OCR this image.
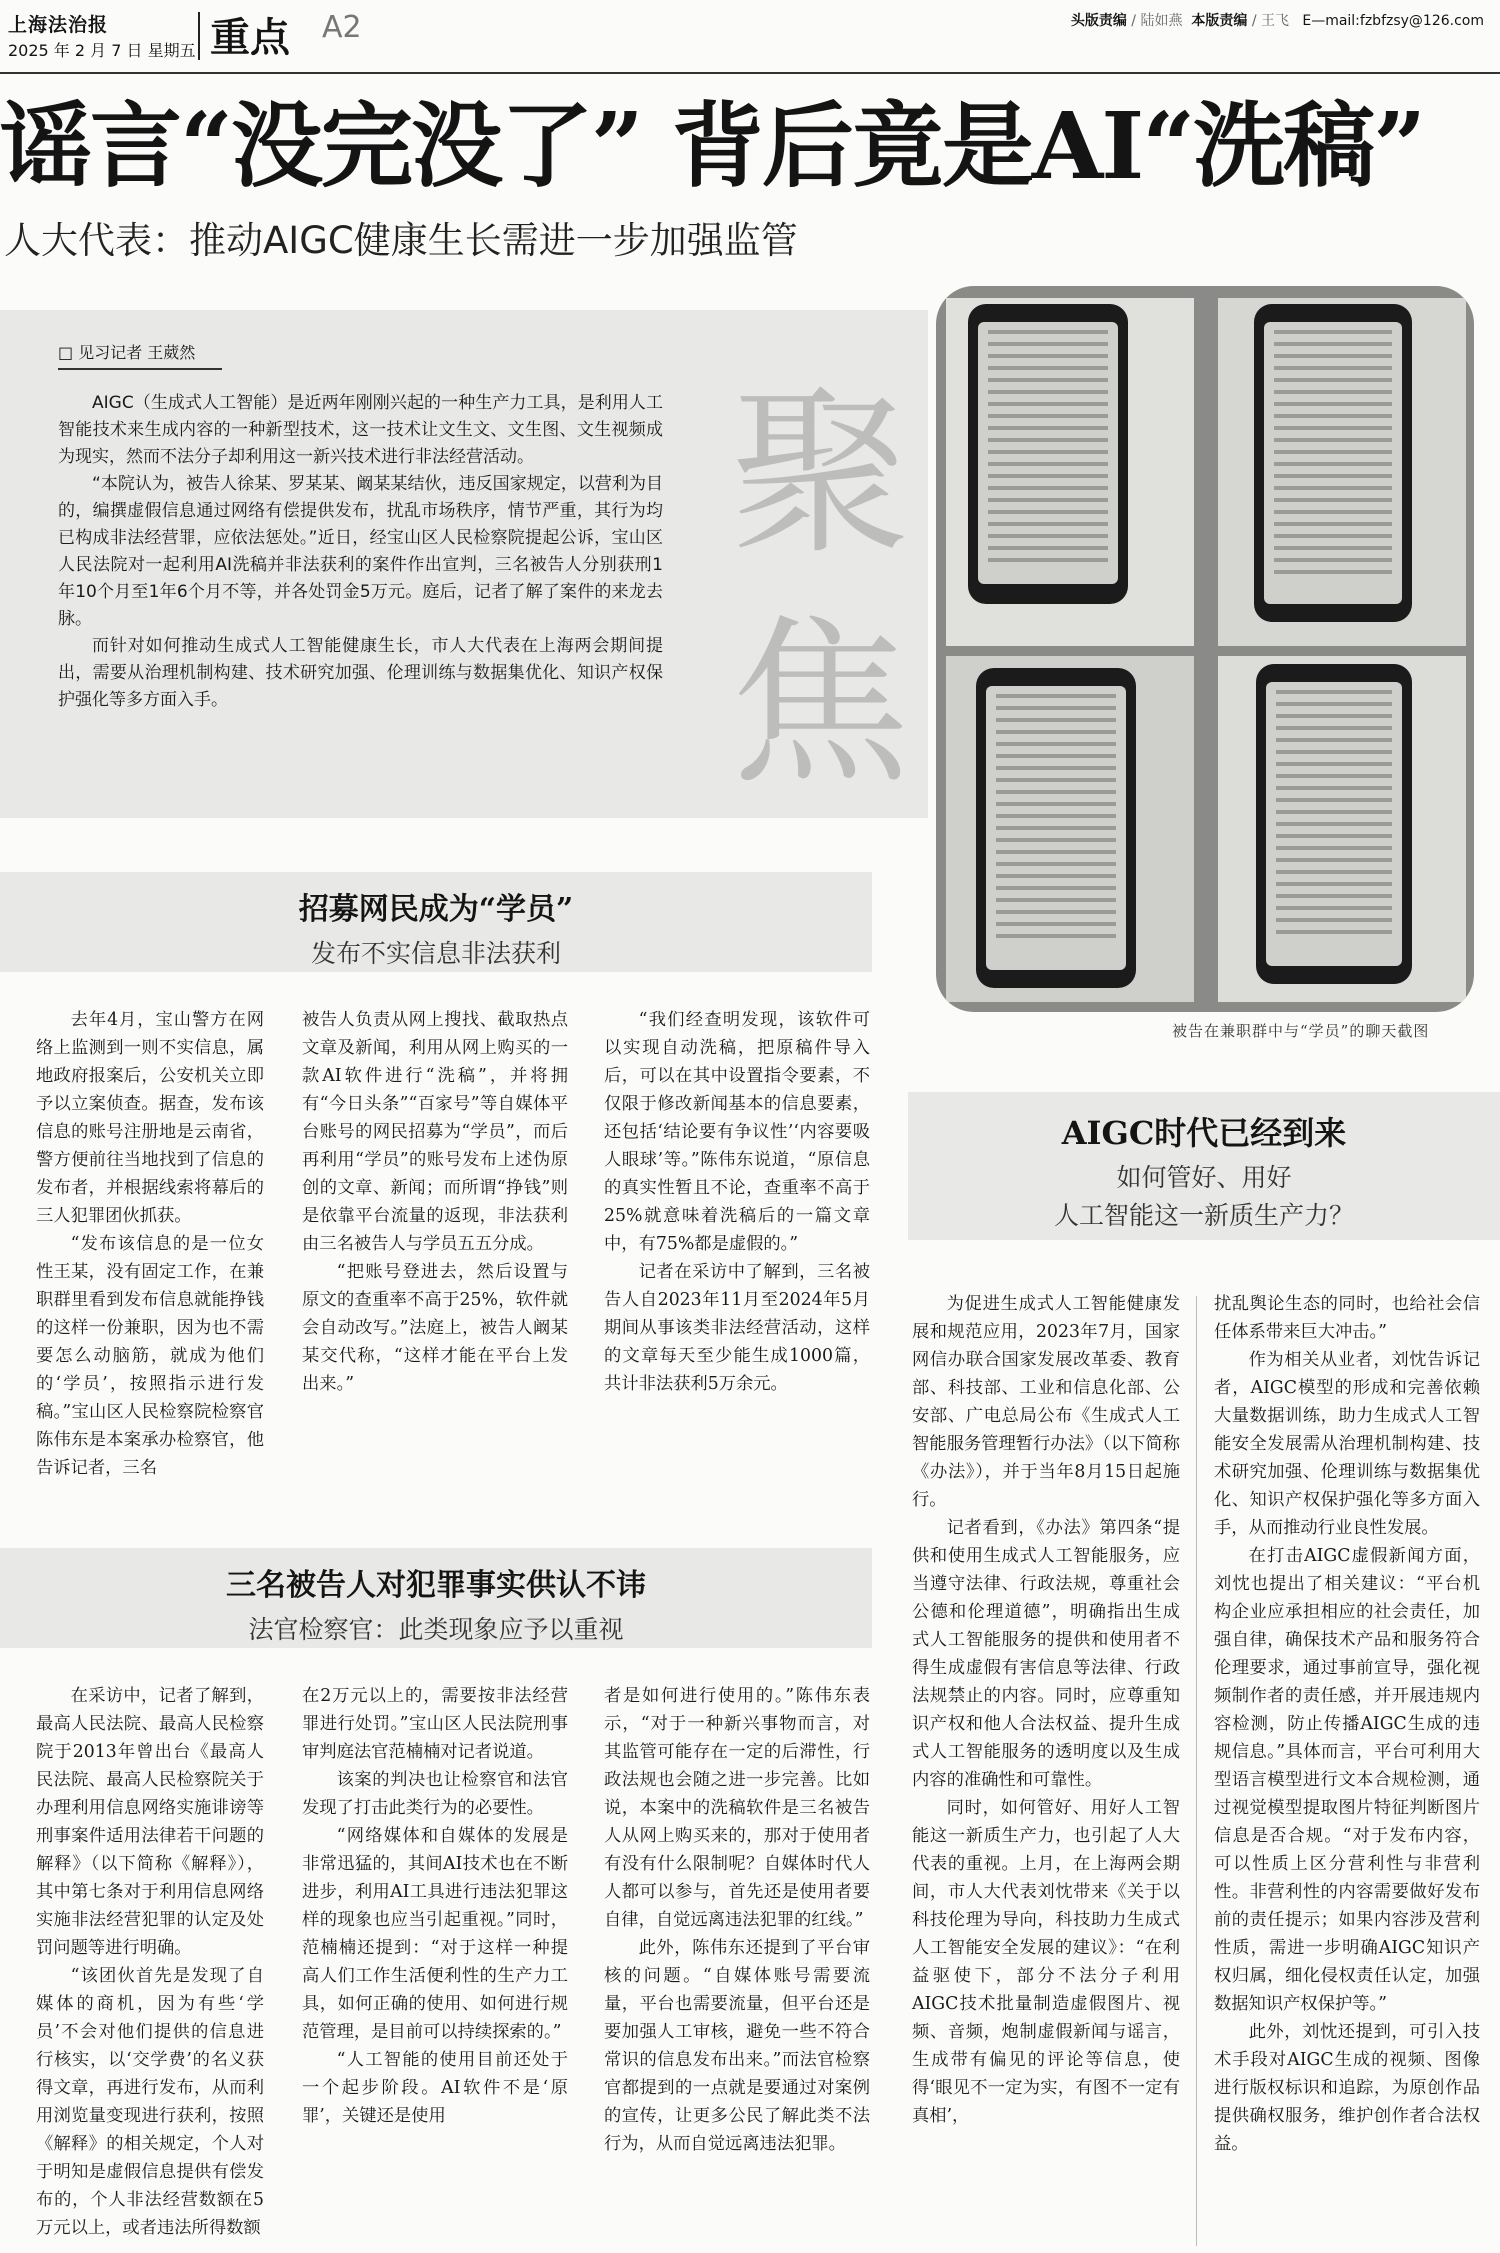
上海法治报
2025 年 2 月 7 日 星期五 重点 A2	头版责编 / 陆如燕 本版责编 / 王飞 E—mail:fzbfzsy@126.com
谣言“没完没了” 背后竟是AI“洗稿”
人大代表：推动AIGC健康生长需进一步加强监管
□ 见习记者 王葳然
聚焦

AIGC（生成式人工智能）是近两年刚刚兴起的一种生产力工具，是利用人工智能技术来生成内容的一种新型技术，这一技术让文生文、文生图、文生视频成为现实，然而不法分子却利用这一新兴技术进行非法经营活动。

“本院认为，被告人徐某、罗某某、阚某某结伙，违反国家规定，以营利为目的，编撰虚假信息通过网络有偿提供发布，扰乱市场秩序，情节严重，其行为均已构成非法经营罪，应依法惩处。”近日，经宝山区人民检察院提起公诉，宝山区人民法院对一起利用AI洗稿并非法获利的案件作出宣判，三名被告人分别获刑1年10个月至1年6个月不等，并各处罚金5万元。庭后，记者了解了案件的来龙去脉。

而针对如何推动生成式人工智能健康生长，市人大代表在上海两会期间提出，需要从治理机制构建、技术研究加强、伦理训练与数据集优化、知识产权保护强化等多方面入手。

被告在兼职群中与“学员”的聊天截图
招募网民成为“学员”
发布不实信息非法获利

去年4月，宝山警方在网络上监测到一则不实信息，属地政府报案后，公安机关立即予以立案侦查。据查，发布该信息的账号注册地是云南省，警方便前往当地找到了信息的发布者，并根据线索将幕后的三人犯罪团伙抓获。

“发布该信息的是一位女性王某，没有固定工作，在兼职群里看到发布信息就能挣钱的这样一份兼职，因为也不需要怎么动脑筋，就成为他们的‘学员’，按照指示进行发稿。”宝山区人民检察院检察官陈伟东是本案承办检察官，他告诉记者，三名

被告人负责从网上搜找、截取热点文章及新闻，利用从网上购买的一款AI软件进行“洗稿”，并将拥有“今日头条”“百家号”等自媒体平台账号的网民招募为“学员”，而后再利用“学员”的账号发布上述伪原创的文章、新闻；而所谓“挣钱”则是依靠平台流量的返现，非法获利由三名被告人与学员五五分成。

“把账号登进去，然后设置与原文的查重率不高于25%，软件就会自动改写。”法庭上，被告人阚某某交代称，“这样才能在平台上发出来。”

“我们经查明发现，该软件可以实现自动洗稿，把原稿件导入后，可以在其中设置指令要素，不仅限于修改新闻基本的信息要素，还包括‘结论要有争议性’‘内容要吸人眼球’等。”陈伟东说道，“原信息的真实性暂且不论，查重率不高于25%就意味着洗稿后的一篇文章中，有75%都是虚假的。”

记者在采访中了解到，三名被告人自2023年11月至2024年5月期间从事该类非法经营活动，这样的文章每天至少能生成1000篇，共计非法获利5万余元。

AIGC时代已经到来
如何管好、用好
人工智能这一新质生产力？

为促进生成式人工智能健康发展和规范应用，2023年7月，国家网信办联合国家发展改革委、教育部、科技部、工业和信息化部、公安部、广电总局公布《生成式人工智能服务管理暂行办法》（以下简称《办法》），并于当年8月15日起施行。

记者看到，《办法》第四条“提供和使用生成式人工智能服务，应当遵守法律、行政法规，尊重社会公德和伦理道德”，明确指出生成式人工智能服务的提供和使用者不得生成虚假有害信息等法律、行政法规禁止的内容。同时，应尊重知识产权和他人合法权益、提升生成式人工智能服务的透明度以及生成内容的准确性和可靠性。

同时，如何管好、用好人工智能这一新质生产力，也引起了人大代表的重视。上月，在上海两会期间，市人大代表刘忱带来《关于以科技伦理为导向，科技助力生成式人工智能安全发展的建议》：“在利益驱使下，部分不法分子利用AIGC技术批量制造虚假图片、视频、音频，炮制虚假新闻与谣言，生成带有偏见的评论等信息，使得‘眼见不一定为实，有图不一定有真相’，

扰乱舆论生态的同时，也给社会信任体系带来巨大冲击。”

作为相关从业者，刘忱告诉记者，AIGC模型的形成和完善依赖大量数据训练，助力生成式人工智能安全发展需从治理机制构建、技术研究加强、伦理训练与数据集优化、知识产权保护强化等多方面入手，从而推动行业良性发展。

在打击AIGC虚假新闻方面，刘忱也提出了相关建议：“平台机构企业应承担相应的社会责任，加强自律，确保技术产品和服务符合伦理要求，通过事前宣导，强化视频制作者的责任感，并开展违规内容检测，防止传播AIGC生成的违规信息。”具体而言，平台可利用大型语言模型进行文本合规检测，通过视觉模型提取图片特征判断图片信息是否合规。“对于发布内容，可以性质上区分营利性与非营利性。非营利性的内容需要做好发布前的责任提示；如果内容涉及营利性质，需进一步明确AIGC知识产权归属，细化侵权责任认定，加强数据知识产权保护等。”

此外，刘忱还提到，可引入技术手段对AIGC生成的视频、图像进行版权标识和追踪，为原创作品提供确权服务，维护创作者合法权益。

三名被告人对犯罪事实供认不讳
法官检察官：此类现象应予以重视

在采访中，记者了解到，最高人民法院、最高人民检察院于2013年曾出台《最高人民法院、最高人民检察院关于办理利用信息网络实施诽谤等刑事案件适用法律若干问题的解释》（以下简称《解释》），其中第七条对于利用信息网络实施非法经营犯罪的认定及处罚问题等进行明确。

“该团伙首先是发现了自媒体的商机，因为有些‘学员’不会对他们提供的信息进行核实，以‘交学费’的名义获得文章，再进行发布，从而利用浏览量变现进行获利，按照《解释》的相关规定，个人对于明知是虚假信息提供有偿发布的，个人非法经营数额在5万元以上，或者违法所得数额

在2万元以上的，需要按非法经营罪进行处罚。”宝山区人民法院刑事审判庭法官范楠楠对记者说道。

该案的判决也让检察官和法官发现了打击此类行为的必要性。

“网络媒体和自媒体的发展是非常迅猛的，其间AI技术也在不断进步，利用AI工具进行违法犯罪这样的现象也应当引起重视。”同时，范楠楠还提到：“对于这样一种提高人们工作生活便利性的生产力工具，如何正确的使用、如何进行规范管理，是目前可以持续探索的。”

“人工智能的使用目前还处于一个起步阶段。AI软件不是‘原罪’，关键还是使用

者是如何进行使用的。”陈伟东表示，“对于一种新兴事物而言，对其监管可能存在一定的后滞性，行政法规也会随之进一步完善。比如说，本案中的洗稿软件是三名被告人从网上购买来的，那对于使用者有没有什么限制呢？自媒体时代人人都可以参与，首先还是使用者要自律，自觉远离违法犯罪的红线。”

此外，陈伟东还提到了平台审核的问题。“自媒体账号需要流量，平台也需要流量，但平台还是要加强人工审核，避免一些不符合常识的信息发布出来。”而法官检察官都提到的一点就是要通过对案例的宣传，让更多公民了解此类不法行为，从而自觉远离违法犯罪。
